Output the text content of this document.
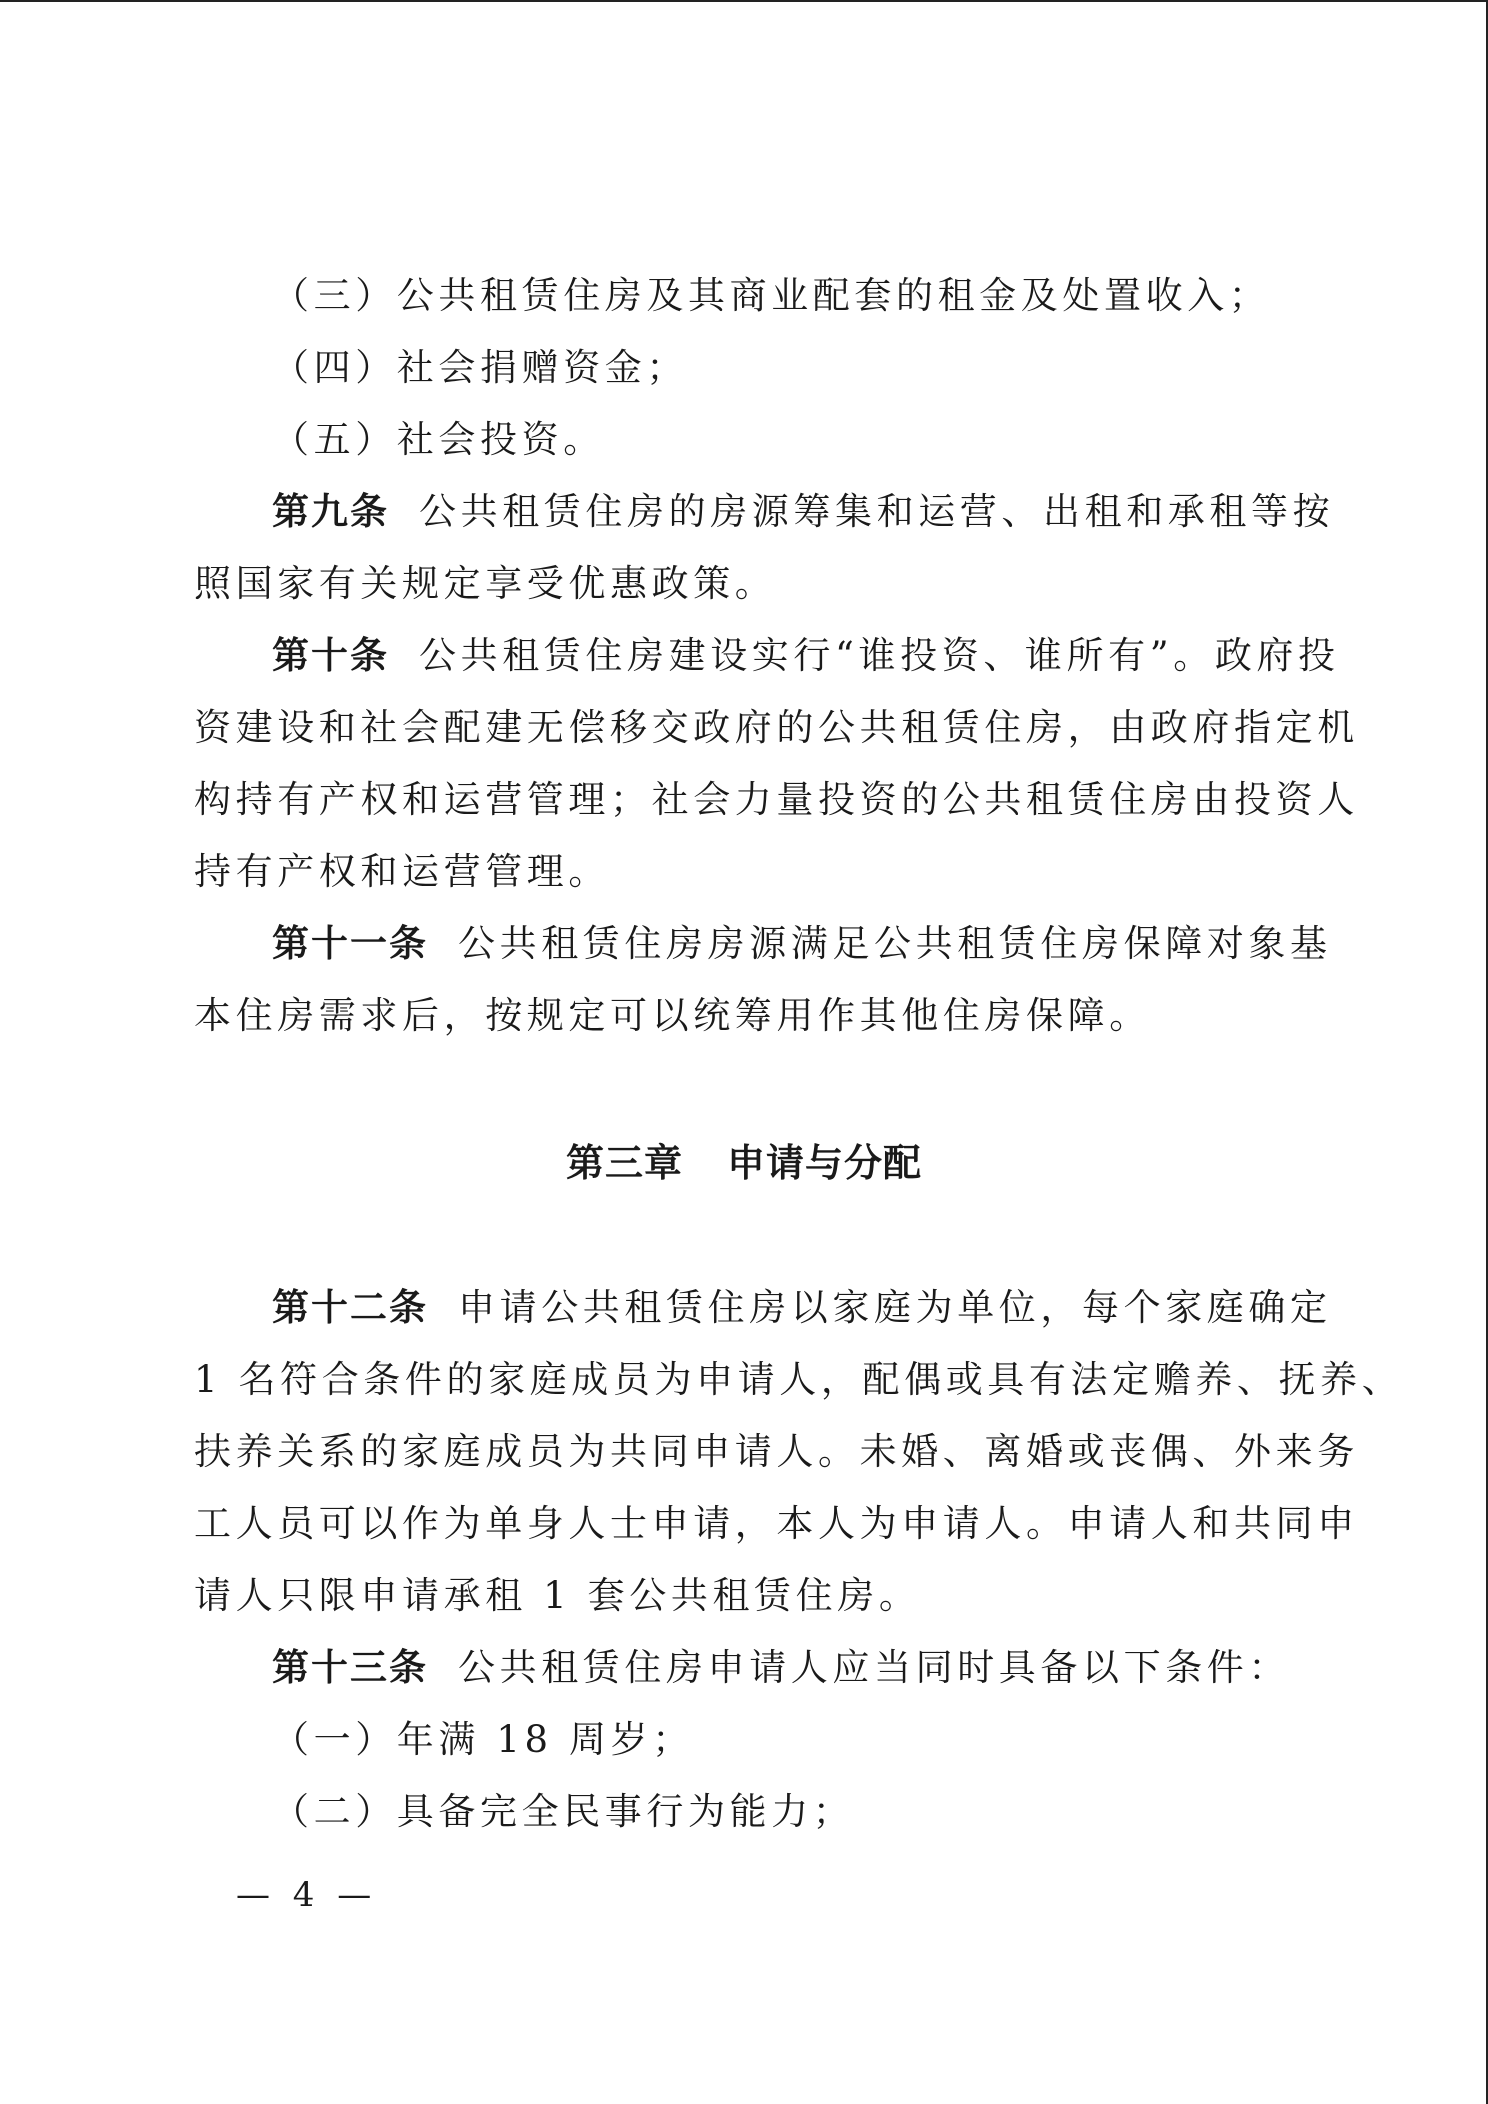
（三）公共租赁住房及其商业配套的租金及处置收入；
（四）社会捐赠资金；
（五）社会投资。
第九条 公共租赁住房的房源筹集和运营、出租和承租等按
照国家有关规定享受优惠政策。
第十条 公共租赁住房建设实行“谁投资、谁所有”。政府投
资建设和社会配建无偿移交政府的公共租赁住房，由政府指定机
构持有产权和运营管理；社会力量投资的公共租赁住房由投资人
持有产权和运营管理。
第十一条 公共租赁住房房源满足公共租赁住房保障对象基
本住房需求后，按规定可以统筹用作其他住房保障。
第三章 申请与分配
第十二条 申请公共租赁住房以家庭为单位，每个家庭确定
1 名符合条件的家庭成员为申请人，配偶或具有法定赡养、抚养、
扶养关系的家庭成员为共同申请人。未婚、离婚或丧偶、外来务
工人员可以作为单身人士申请，本人为申请人。申请人和共同申
请人只限申请承租 1 套公共租赁住房。
第十三条 公共租赁住房申请人应当同时具备以下条件：
（一）年满 18 周岁；
（二）具备完全民事行为能力；
— 4 —
